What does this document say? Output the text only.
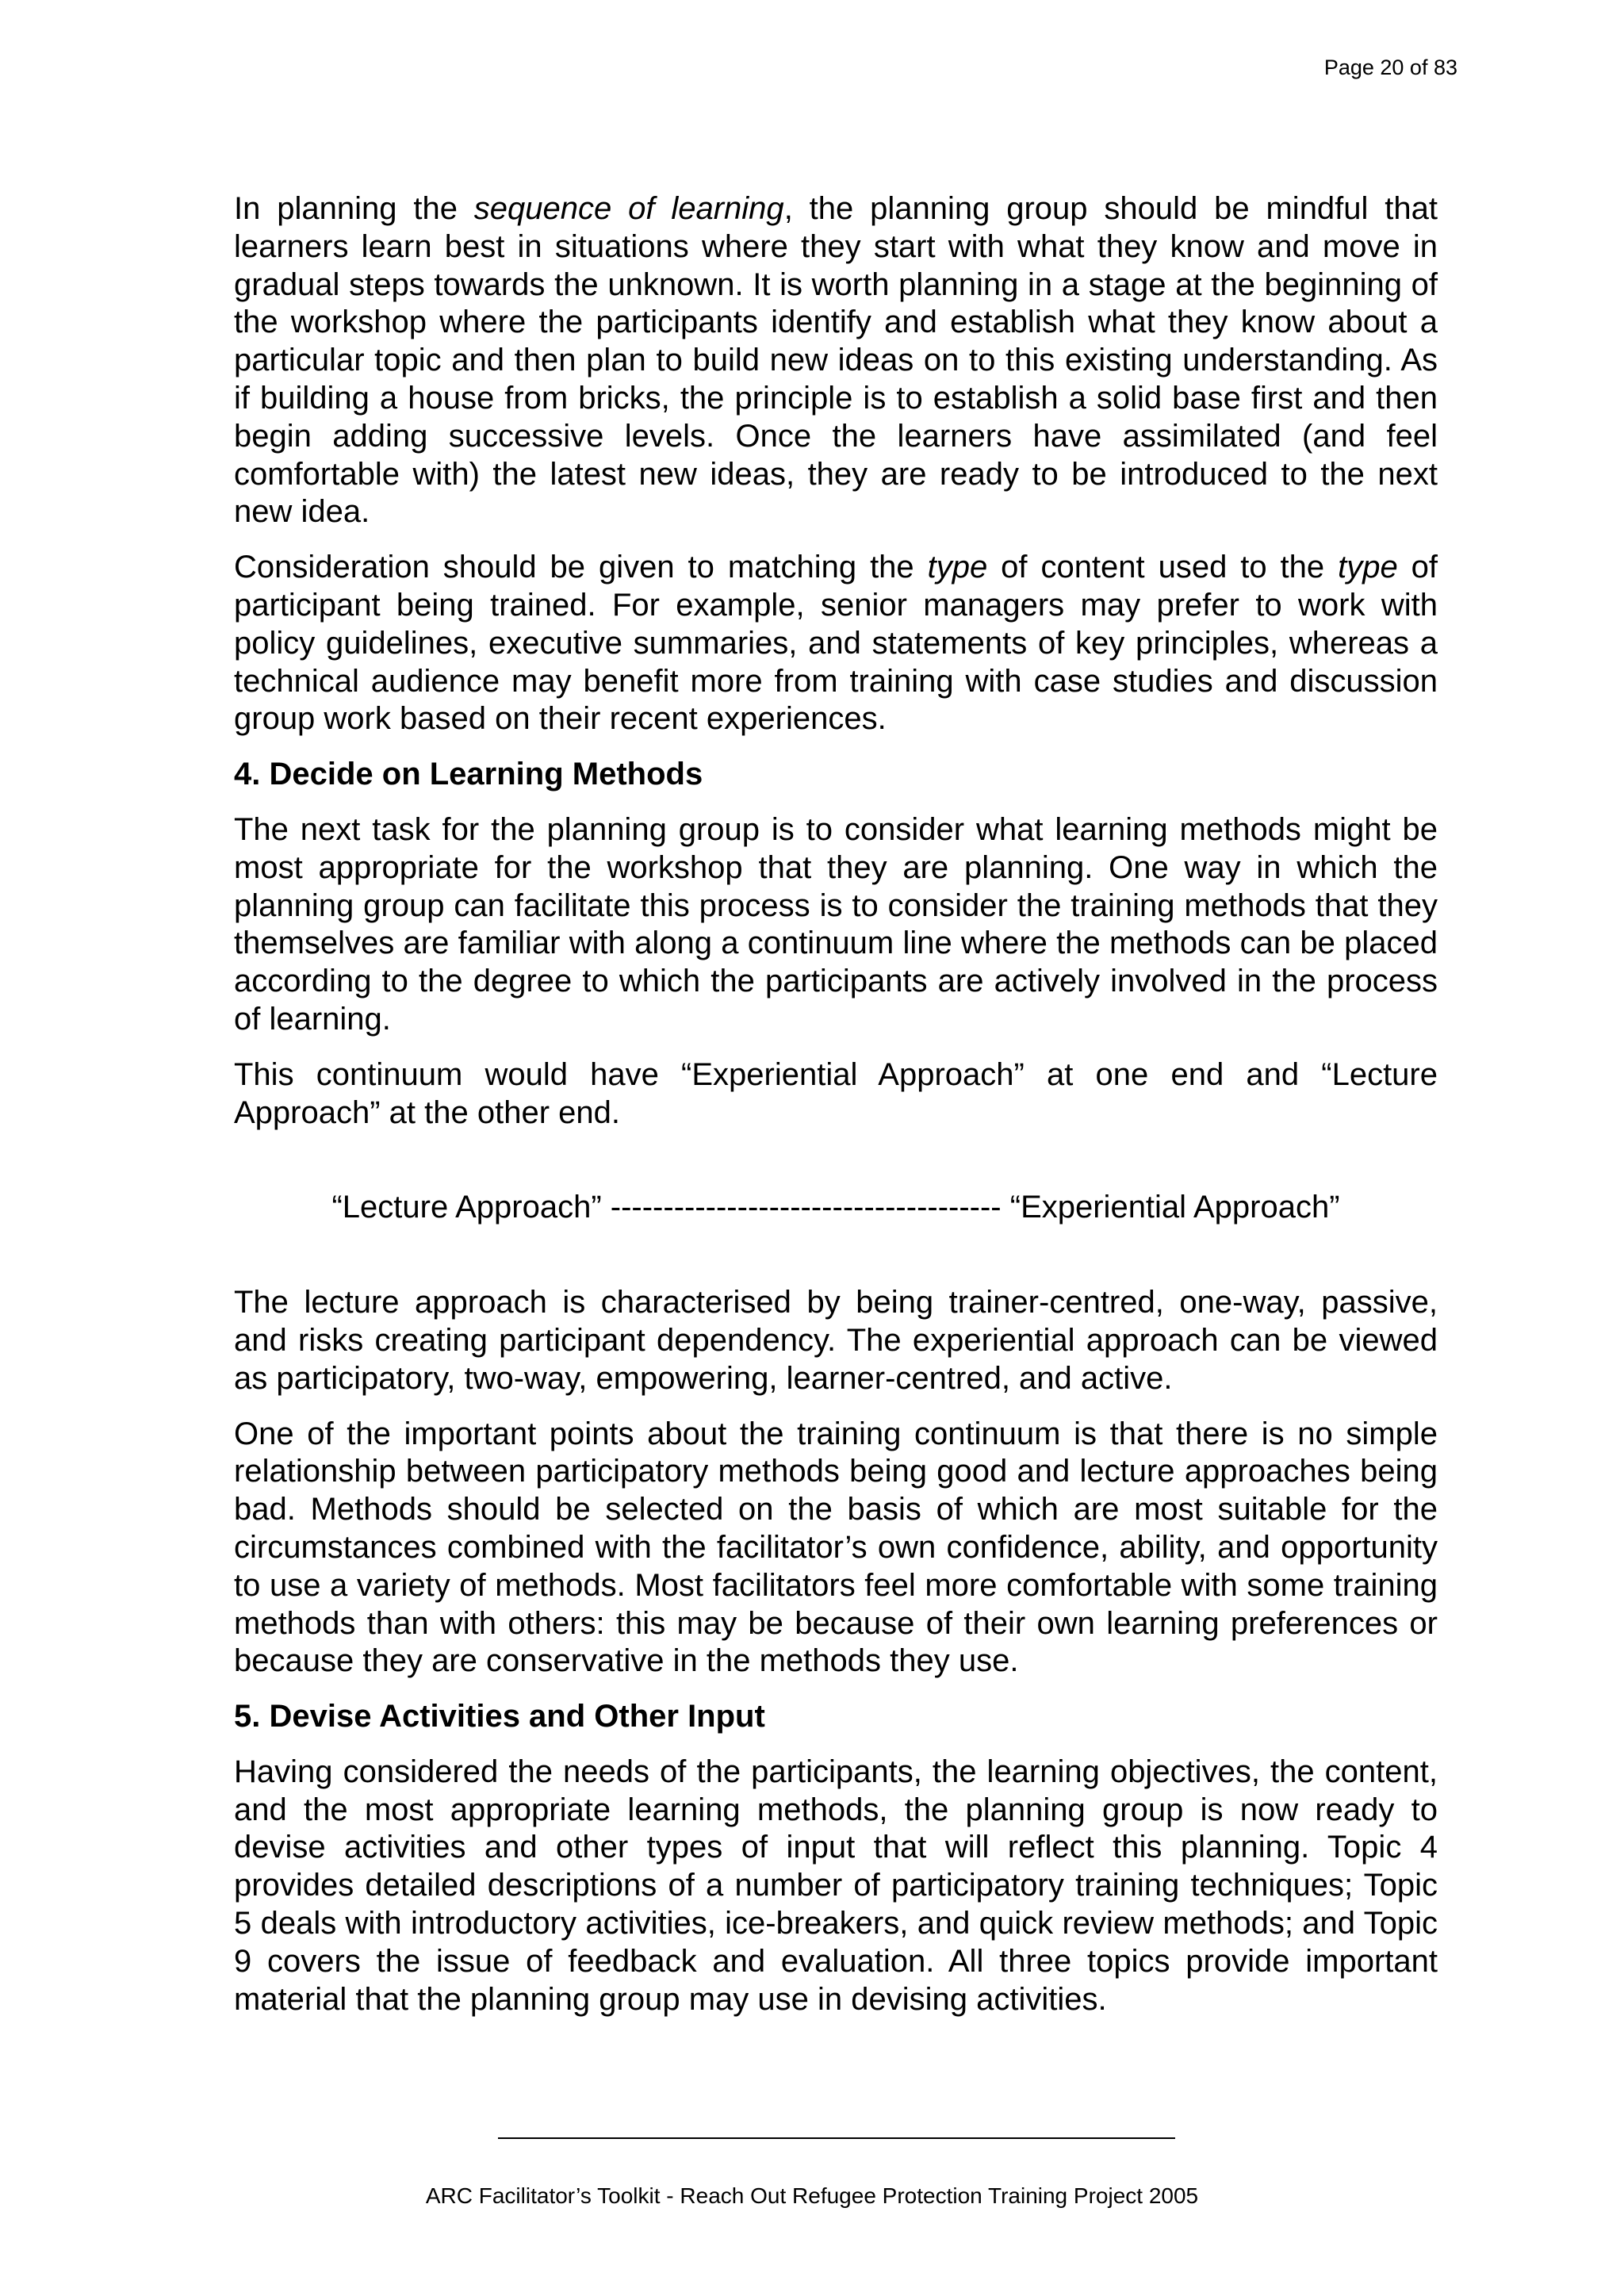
Page 20 of 83

In planning the sequence of learning, the planning group should be mindful that learners learn best in situations where they start with what they know and move in gradual steps towards the unknown. It is worth planning in a stage at the beginning of the workshop where the participants identify and establish what they know about a particular topic and then plan to build new ideas on to this existing understanding. As if building a house from bricks, the principle is to establish a solid base first and then begin adding successive levels. Once the learners have assimilated (and feel comfortable with) the latest new ideas, they are ready to be introduced to the next new idea.

Consideration should be given to matching the type of content used to the type of participant being trained. For example, senior managers may prefer to work with policy guidelines, executive summaries, and statements of key principles, whereas a technical audience may benefit more from training with case studies and discussion group work based on their recent experiences.

4. Decide on Learning Methods

The next task for the planning group is to consider what learning methods might be most appropriate for the workshop that they are planning. One way in which the planning group can facilitate this process is to consider the training methods that they themselves are familiar with along a continuum line where the methods can be placed according to the degree to which the participants are actively involved in the process of learning.

This continuum would have “Experiential Approach” at one end and “Lecture Approach” at the other end.

“Lecture Approach” ------------------------------------- “Experiential Approach”

The lecture approach is characterised by being trainer-centred, one-way, passive, and risks creating participant dependency. The experiential approach can be viewed as participatory, two-way, empowering, learner-centred, and active.

One of the important points about the training continuum is that there is no simple relationship between participatory methods being good and lecture approaches being bad. Methods should be selected on the basis of which are most suitable for the circumstances combined with the facilitator’s own confidence, ability, and opportunity to use a variety of methods. Most facilitators feel more comfortable with some training methods than with others: this may be because of their own learning preferences or because they are conservative in the methods they use.

5. Devise Activities and Other Input

Having considered the needs of the participants, the learning objectives, the content, and the most appropriate learning methods, the planning group is now ready to devise activities and other types of input that will reflect this planning. Topic 4 provides detailed descriptions of a number of participatory training techniques; Topic 5 deals with introductory activities, ice-breakers, and quick review methods; and Topic 9 covers the issue of feedback and evaluation. All three topics provide important material that the planning group may use in devising activities.

ARC Facilitator’s Toolkit - Reach Out Refugee Protection Training Project 2005
